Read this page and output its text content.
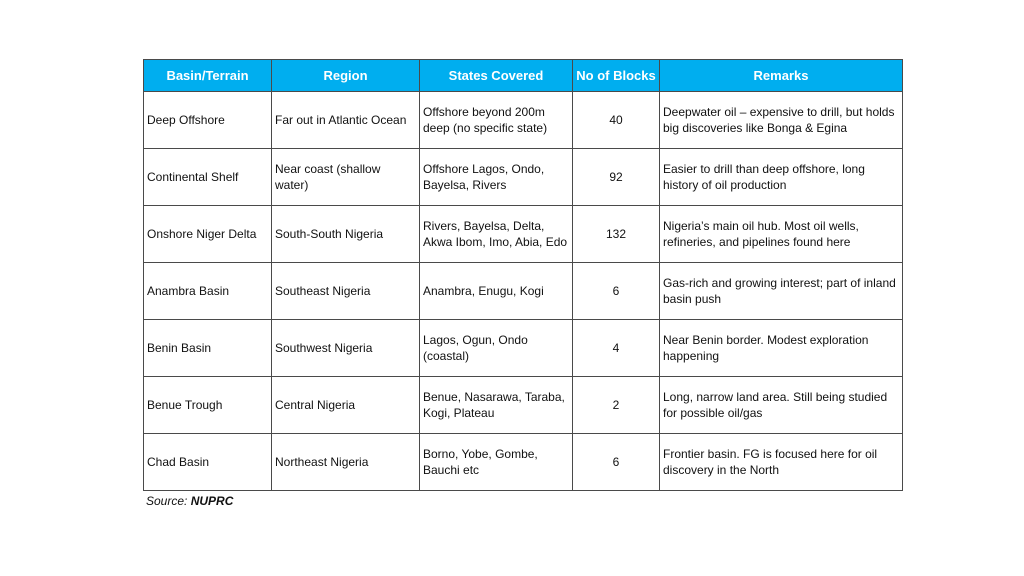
Basin/Terrain	Region	States Covered	No of Blocks	Remarks
Deep Offshore	Far out in Atlantic Ocean	Offshore beyond 200m deep (no specific state)	40	Deepwater oil – expensive to drill, but holds big discoveries like Bonga & Egina
Continental Shelf	Near coast (shallow water)	Offshore Lagos, Ondo, Bayelsa, Rivers	92	Easier to drill than deep offshore, long history of oil production
Onshore Niger Delta	South-South Nigeria	Rivers, Bayelsa, Delta, Akwa Ibom, Imo, Abia, Edo	132	Nigeria’s main oil hub. Most oil wells, refineries, and pipelines found here
Anambra Basin	Southeast Nigeria	Anambra, Enugu, Kogi	6	Gas-rich and growing interest; part of inland basin push
Benin Basin	Southwest Nigeria	Lagos, Ogun, Ondo (coastal)	4	Near Benin border. Modest exploration happening
Benue Trough	Central Nigeria	Benue, Nasarawa, Taraba, Kogi, Plateau	2	Long, narrow land area. Still being studied for possible oil/gas
Chad Basin	Northeast Nigeria	Borno, Yobe, Gombe, Bauchi etc	6	Frontier basin. FG is focused here for oil discovery in the North
Source: NUPRC
